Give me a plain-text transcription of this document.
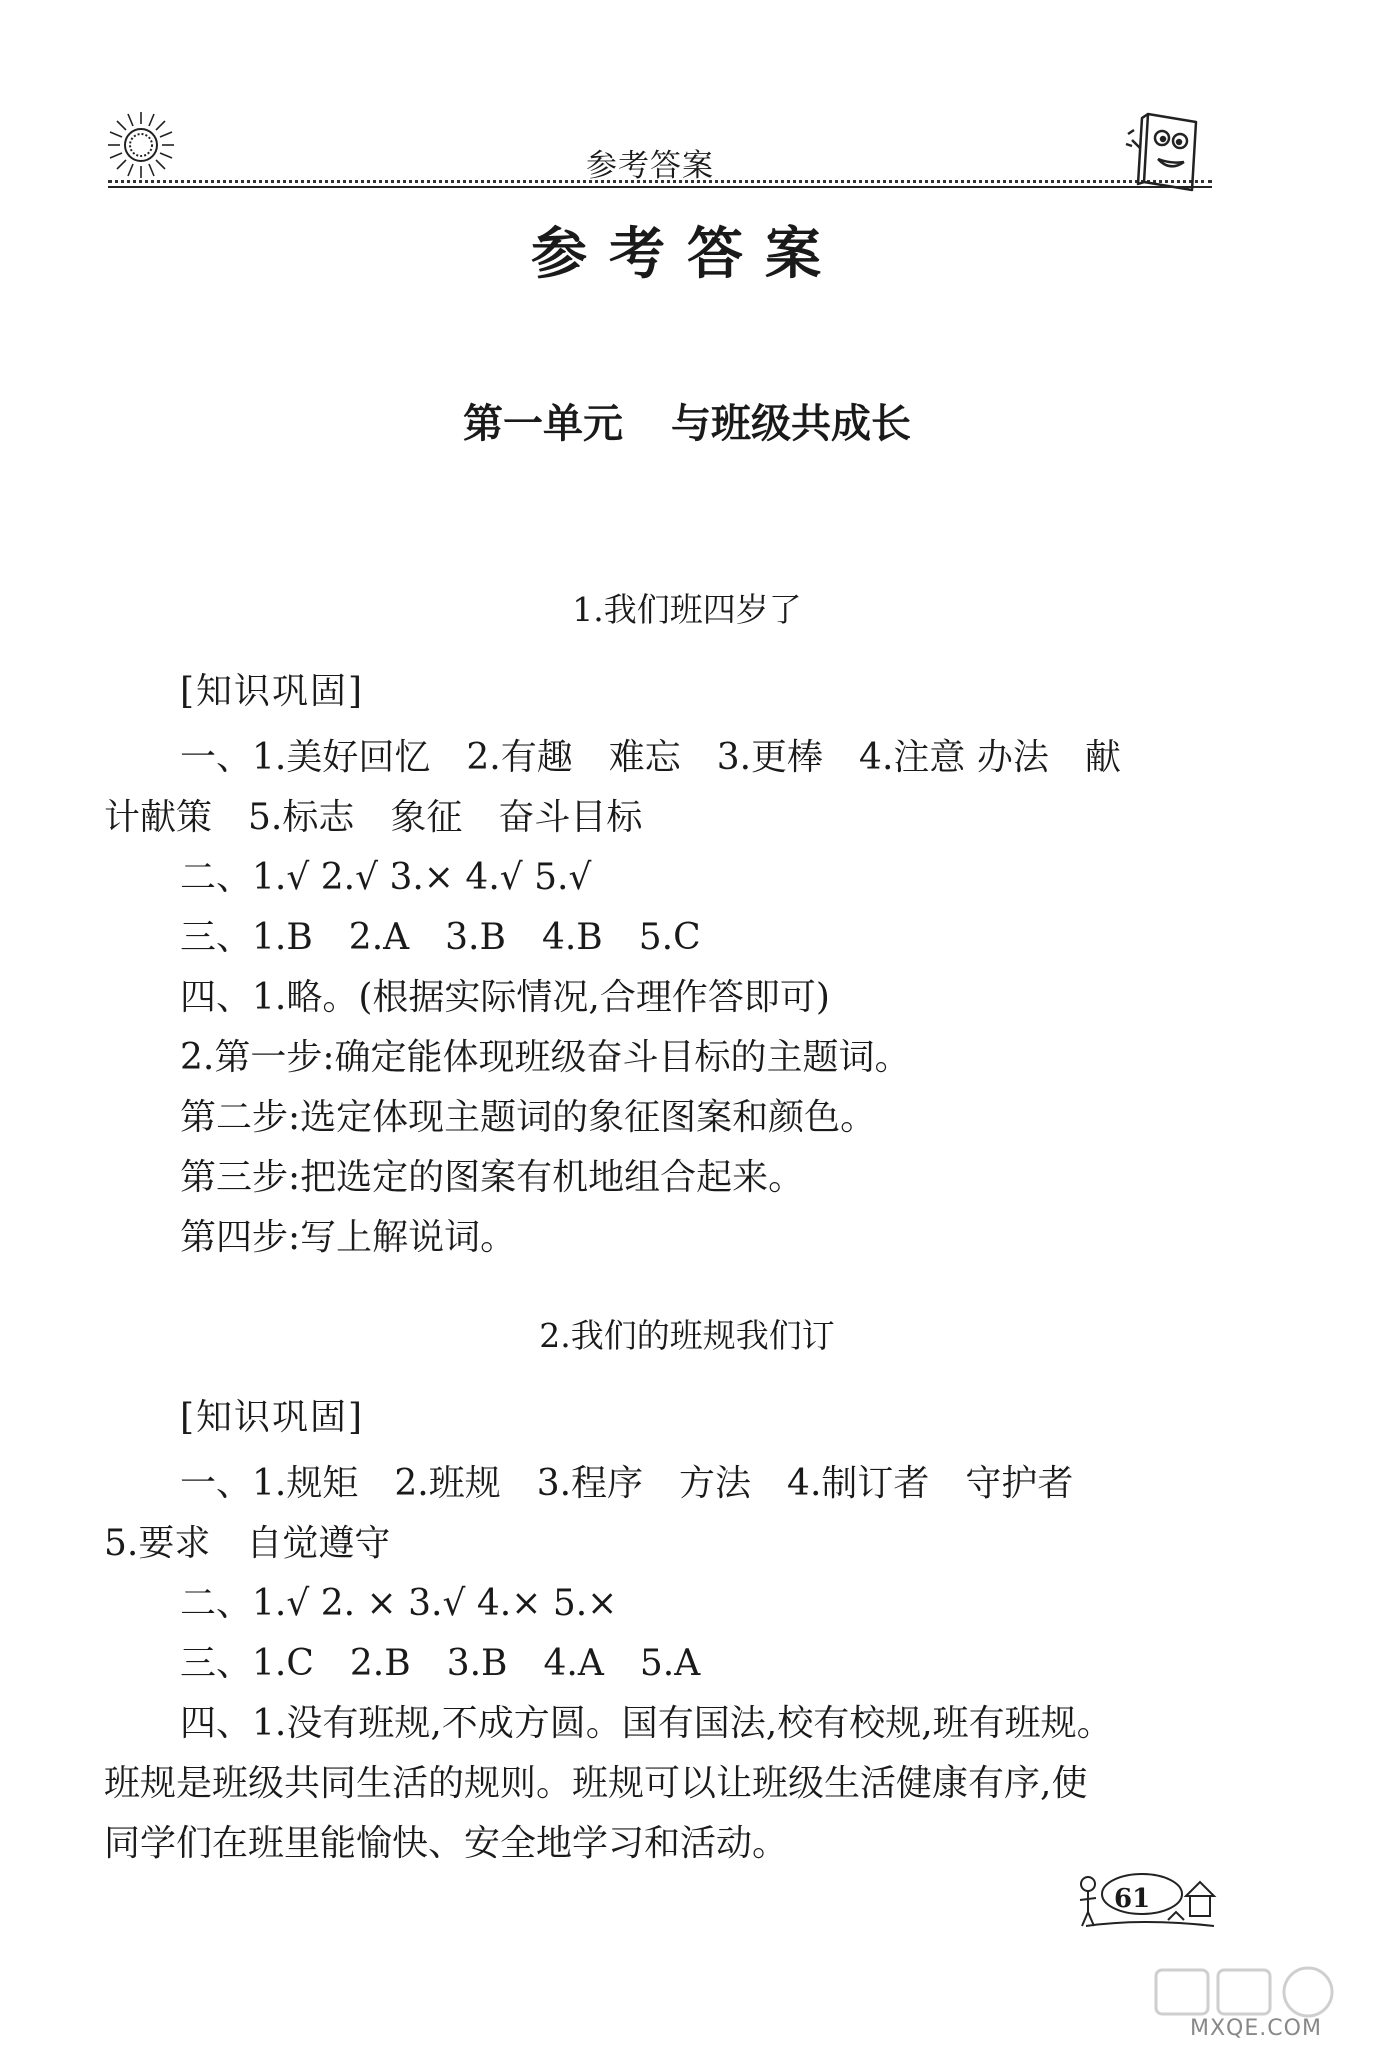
参考答案
参考答案
第一单元 与班级共成长
1.我们班四岁了
[知识巩固]
一、1.美好回忆　2.有趣　难忘　3.更棒　4.注意 办法　献
计献策　5.标志　象征　奋斗目标
二、1.√ 2.√ 3.× 4.√ 5.√
三、1.B　2.A　3.B　4.B　5.C
四、1.略。(根据实际情况,合理作答即可)
2.第一步:确定能体现班级奋斗目标的主题词。
第二步:选定体现主题词的象征图案和颜色。
第三步:把选定的图案有机地组合起来。
第四步:写上解说词。
2.我们的班规我们订
[知识巩固]
一、1.规矩　2.班规　3.程序　方法　4.制订者　守护者
5.要求　自觉遵守
二、1.√ 2. × 3.√ 4.× 5.×
三、1.C　2.B　3.B　4.A　5.A
四、1.没有班规,不成方圆。国有国法,校有校规,班有班规。
班规是班级共同生活的规则。班规可以让班级生活健康有序,使
同学们在班里能愉快、安全地学习和活动。
61
MXQE.COM
